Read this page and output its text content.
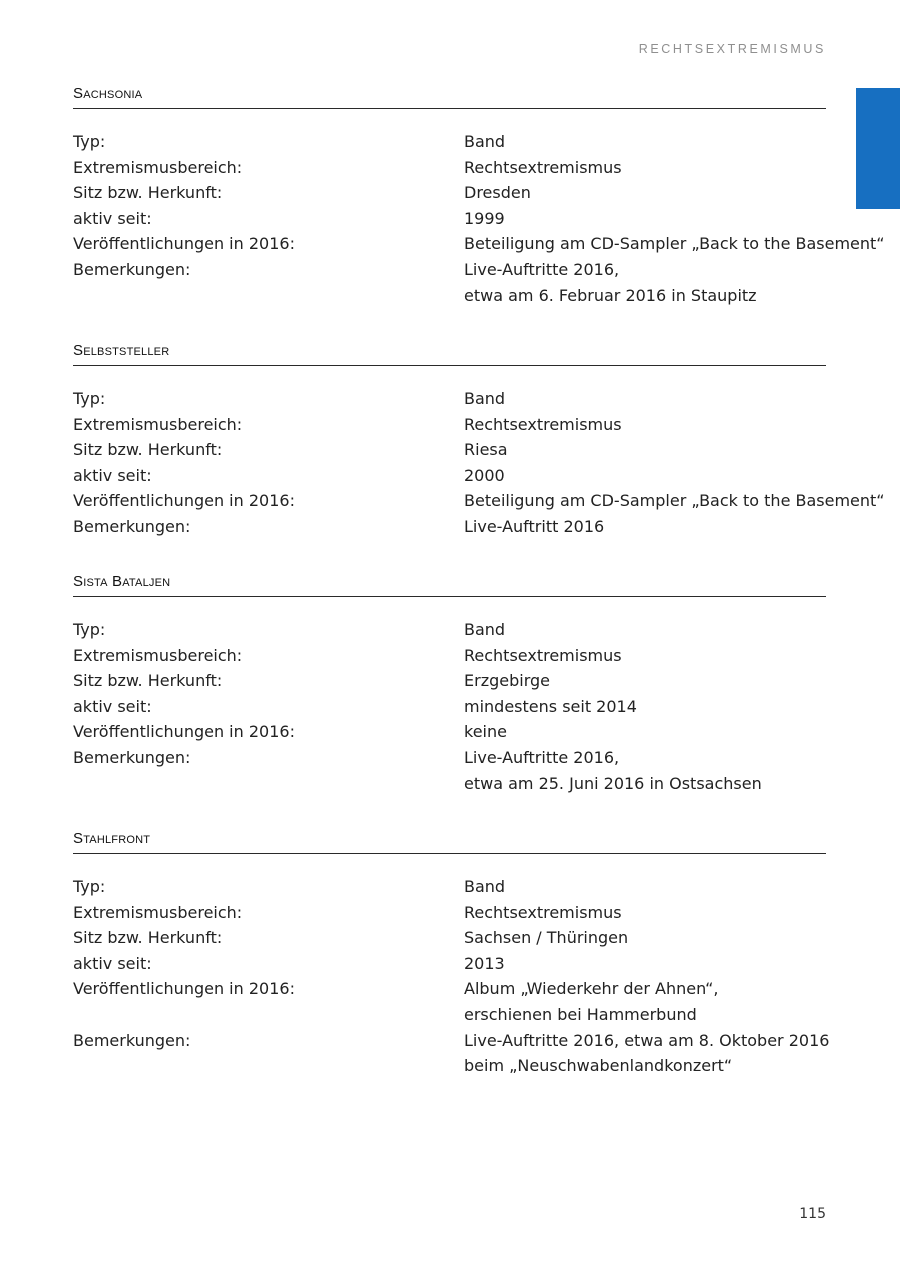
RECHTSEXTREMISMUS
Sachsonia
Typ:	Band
Extremismusbereich:	Rechtsextremismus
Sitz bzw. Herkunft:	Dresden
aktiv seit:	1999
Veröffentlichungen in 2016:	Beteiligung am CD-Sampler „Back to the Basement“
Bemerkungen:	Live-Auftritte 2016,
etwa am 6. Februar 2016 in Staupitz
Selbststeller
Typ:	Band
Extremismusbereich:	Rechtsextremismus
Sitz bzw. Herkunft:	Riesa
aktiv seit:	2000
Veröffentlichungen in 2016:	Beteiligung am CD-Sampler „Back to the Basement“
Bemerkungen:	Live-Auftritt 2016
Sista Bataljen
Typ:	Band
Extremismusbereich:	Rechtsextremismus
Sitz bzw. Herkunft:	Erzgebirge
aktiv seit:	mindestens seit 2014
Veröffentlichungen in 2016:	keine
Bemerkungen:	Live-Auftritte 2016,
etwa am 25. Juni 2016 in Ostsachsen
Stahlfront
Typ:	Band
Extremismusbereich:	Rechtsextremismus
Sitz bzw. Herkunft:	Sachsen / Thüringen
aktiv seit:	2013
Veröffentlichungen in 2016:	Album „Wiederkehr der Ahnen“,
erschienen bei Hammerbund
Bemerkungen:	Live-Auftritte 2016, etwa am 8. Oktober 2016
beim „Neuschwabenlandkonzert“
115
